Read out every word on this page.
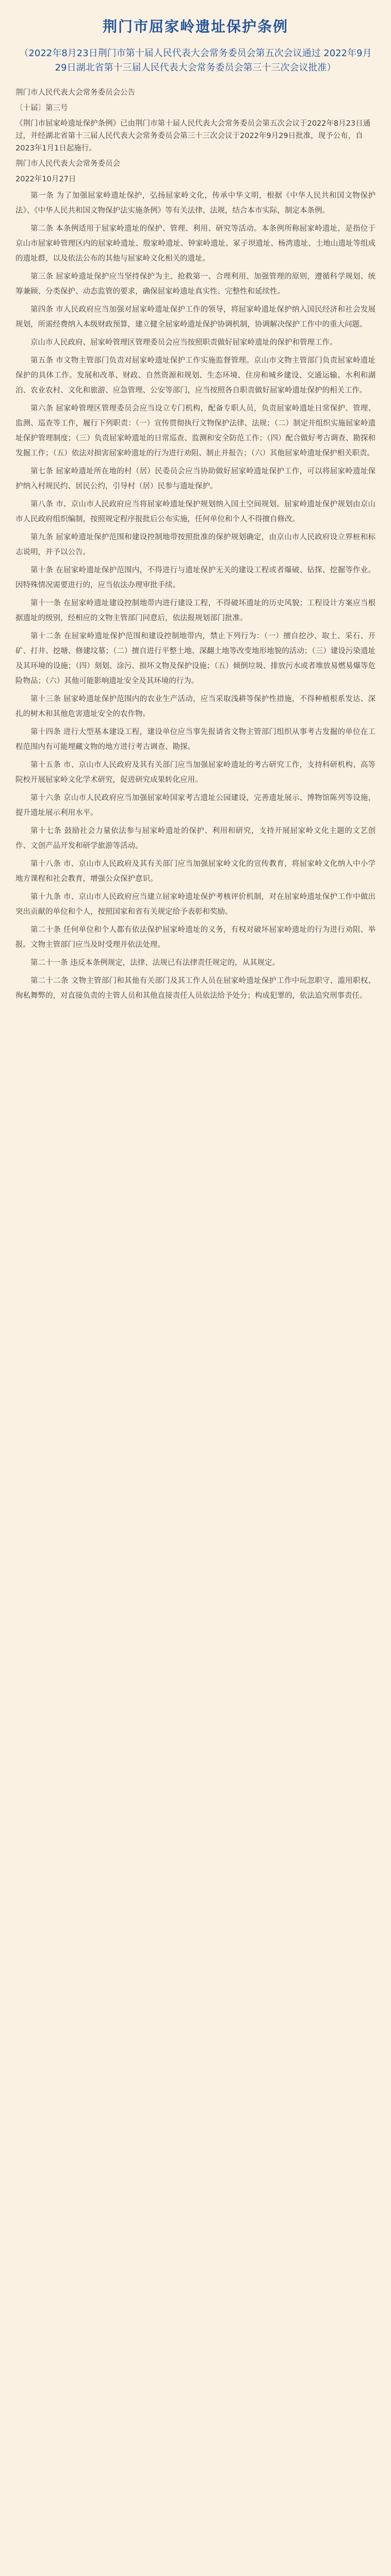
荆门市屈家岭遗址保护条例

（2022年8月23日荆门市第十届人民代表大会常务委员会第五次会议通过 2022年9月29日湖北省第十三届人民代表大会常务委员会第三十三次会议批准）

荆门市人民代表大会常务委员会公告

〔十届〕第三号

《荆门市屈家岭遗址保护条例》已由荆门市第十届人民代表大会常务委员会第五次会议于2022年8月23日通过，并经湖北省第十三届人民代表大会常务委员会第三十三次会议于2022年9月29日批准，现予公布，自2023年1月1日起施行。

荆门市人民代表大会常务委员会

2022年10月27日

第一条 为了加强屈家岭遗址保护，弘扬屈家岭文化，传承中华文明，根据《中华人民共和国文物保护法》、《中华人民共和国文物保护法实施条例》等有关法律、法规，结合本市实际，制定本条例。

第二条 本条例适用于屈家岭遗址的保护、管理、利用、研究等活动。本条例所称屈家岭遗址，是指位于京山市屈家岭管理区内的屈家岭遗址、殷家岭遗址、钟家岭遗址、冢子坝遗址、杨湾遗址、土地山遗址等组成的遗址群，以及依法公布的其他与屈家岭文化相关的遗址。

第三条 屈家岭遗址保护应当坚持保护为主、抢救第一、合理利用、加强管理的原则，遵循科学规划、统筹兼顾、分类保护、动态监管的要求，确保屈家岭遗址真实性、完整性和延续性。

第四条 市人民政府应当加强对屈家岭遗址保护工作的领导，将屈家岭遗址保护纳入国民经济和社会发展规划，所需经费纳入本级财政预算，建立健全屈家岭遗址保护协调机制，协调解决保护工作中的重大问题。

京山市人民政府、屈家岭管理区管理委员会应当按照职责做好屈家岭遗址的保护和管理工作。

第五条 市文物主管部门负责对屈家岭遗址保护工作实施监督管理。京山市文物主管部门负责屈家岭遗址保护的具体工作。发展和改革、财政、自然资源和规划、生态环境、住房和城乡建设、交通运输、水利和湖泊、农业农村、文化和旅游、应急管理、公安等部门，应当按照各自职责做好屈家岭遗址保护的相关工作。

第六条 屈家岭管理区管理委员会应当设立专门机构，配备专职人员，负责屈家岭遗址日常保护、管理、监测、巡查等工作，履行下列职责：（一）宣传贯彻执行文物保护法律、法规；（二）制定并组织实施屈家岭遗址保护管理制度；（三）负责屈家岭遗址的日常巡查、监测和安全防范工作；（四）配合做好考古调查、勘探和发掘工作；（五）依法对损害屈家岭遗址的行为进行劝阻、制止并报告；（六）其他屈家岭遗址保护相关职责。

第七条 屈家岭遗址所在地的村（居）民委员会应当协助做好屈家岭遗址保护工作，可以将屈家岭遗址保护纳入村规民约、居民公约，引导村（居）民参与遗址保护。

第八条 市、京山市人民政府应当将屈家岭遗址保护规划纳入国土空间规划。屈家岭遗址保护规划由京山市人民政府组织编制，按照规定程序报批后公布实施，任何单位和个人不得擅自修改。

第九条 屈家岭遗址保护范围和建设控制地带按照批准的保护规划确定，由京山市人民政府设立界桩和标志说明，并予以公告。

第十条 在屈家岭遗址保护范围内，不得进行与遗址保护无关的建设工程或者爆破、钻探、挖掘等作业。因特殊情况需要进行的，应当依法办理审批手续。

第十一条 在屈家岭遗址建设控制地带内进行建设工程，不得破坏遗址的历史风貌；工程设计方案应当根据遗址的级别，经相应的文物主管部门同意后，依法报规划部门批准。

第十二条 在屈家岭遗址保护范围和建设控制地带内，禁止下列行为：（一）擅自挖沙、取土、采石、开矿、打井、挖塘、修建坟墓；（二）擅自进行平整土地、深翻土地等改变地形地貌的活动；（三）建设污染遗址及其环境的设施；（四）刻划、涂污、损坏文物及保护设施；（五）倾倒垃圾、排放污水或者堆放易燃易爆等危险物品；（六）其他可能影响遗址安全及其环境的行为。

第十三条 屈家岭遗址保护范围内的农业生产活动，应当采取浅耕等保护性措施，不得种植根系发达、深扎的树木和其他危害遗址安全的农作物。

第十四条 进行大型基本建设工程，建设单位应当事先报请省文物主管部门组织从事考古发掘的单位在工程范围内有可能埋藏文物的地方进行考古调查、勘探。

第十五条 市、京山市人民政府及其有关部门应当加强屈家岭遗址的考古研究工作，支持科研机构、高等院校开展屈家岭文化学术研究，促进研究成果转化应用。

第十六条 京山市人民政府应当加强屈家岭国家考古遗址公园建设，完善遗址展示、博物馆陈列等设施，提升遗址展示利用水平。

第十七条 鼓励社会力量依法参与屈家岭遗址的保护、利用和研究，支持开展屈家岭文化主题的文艺创作、文创产品开发和研学旅游等活动。

第十八条 市、京山市人民政府及其有关部门应当加强屈家岭文化的宣传教育，将屈家岭文化纳入中小学地方课程和社会教育，增强公众保护意识。

第十九条 市、京山市人民政府应当建立屈家岭遗址保护考核评价机制，对在屈家岭遗址保护工作中做出突出贡献的单位和个人，按照国家和省有关规定给予表彰和奖励。

第二十条 任何单位和个人都有依法保护屈家岭遗址的义务，有权对破坏屈家岭遗址的行为进行劝阻、举报。文物主管部门应当及时受理并依法处理。

第二十一条 违反本条例规定，法律、法规已有法律责任规定的，从其规定。

第二十二条 文物主管部门和其他有关部门及其工作人员在屈家岭遗址保护工作中玩忽职守、滥用职权、徇私舞弊的，对直接负责的主管人员和其他直接责任人员依法给予处分；构成犯罪的，依法追究刑事责任。
